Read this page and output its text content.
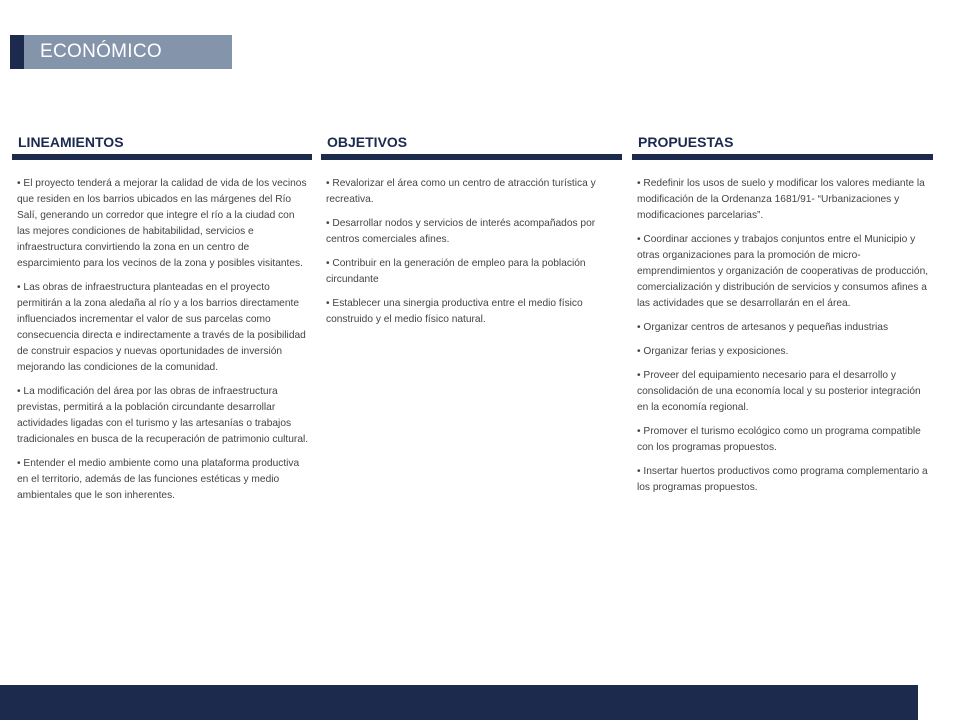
ECONÓMICO
LINEAMIENTOS

• El proyecto tenderá a mejorar la calidad de vida de los vecinos que residen en los barrios ubicados en las márgenes del Río Salí, generando un corredor que integre el río a la ciudad con las mejores condiciones de habitabilidad, servicios e infraestructura convirtiendo la zona en un centro de esparcimiento para los vecinos de la zona y posibles visitantes.

• Las obras de infraestructura planteadas en el proyecto permitirán a la zona aledaña al río y a los barrios directamente influenciados incrementar el valor de sus parcelas como consecuencia directa e indirectamente a través de la posibilidad de construir espacios y nuevas oportunidades de inversión mejorando las condiciones de la comunidad.

• La modificación del área por las obras de infraestructura previstas, permitirá a la población circundante desarrollar actividades ligadas con el turismo y las artesanías o trabajos tradicionales en busca de la recuperación de patrimonio cultural.

• Entender el medio ambiente como una plataforma productiva en el territorio, además de las funciones estéticas y medio ambientales que le son inherentes.

OBJETIVOS

• Revalorizar el área como un centro de atracción turística y recreativa.

• Desarrollar nodos y servicios de interés acompañados por centros comerciales afines.

• Contribuir en la generación de empleo para la población circundante

• Establecer una sinergia productiva entre el medio físico construido y el medio físico natural.

PROPUESTAS

• Redefinir los usos de suelo y modificar los valores mediante la modificación de la Ordenanza 1681/91- “Urbanizaciones y modificaciones parcelarias”.

• Coordinar acciones y trabajos conjuntos entre el Municipio y otras organizaciones para la promoción de micro-emprendimientos y organización de cooperativas de producción, comercialización y distribución de servicios y consumos afines a las actividades que se desarrollarán en el área.

• Organizar centros de artesanos y pequeñas industrias

• Organizar ferias y exposiciones.

• Proveer del equipamiento necesario para el desarrollo y consolidación de una economía local y su posterior integración en la economía regional.

• Promover el turismo ecológico como un programa compatible con los programas propuestos.

• Insertar huertos productivos como programa complementario a los programas propuestos.
